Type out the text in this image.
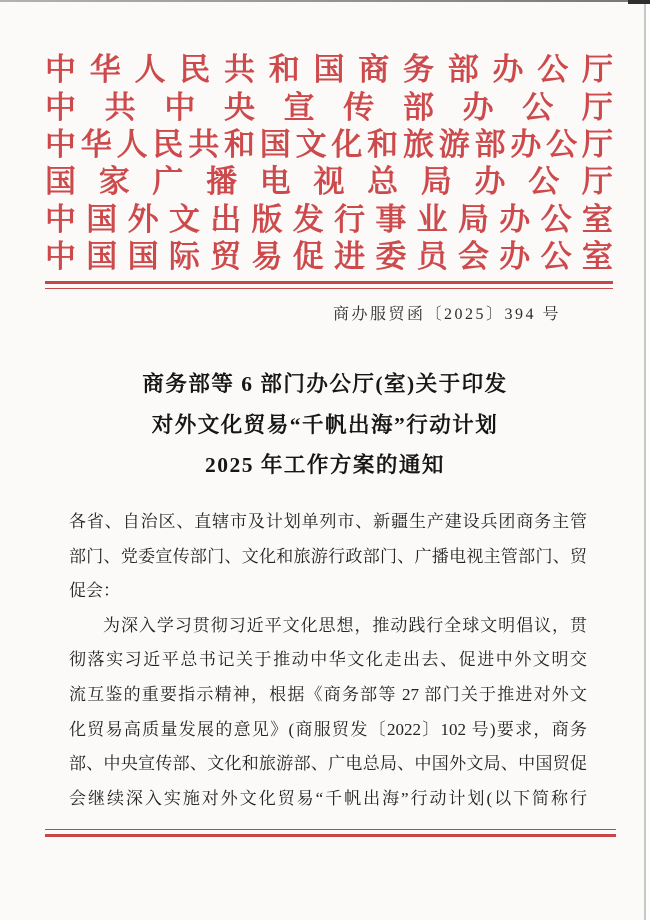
中 华 人 民 共 和 国 商 务 部 办 公 厅
中 共 中 央 宣 传 部 办 公 厅
中 华 人 民 共 和 国 文 化 和 旅 游 部 办 公 厅
国 家 广 播 电 视 总 局 办 公 厅
中 国 外 文 出 版 发 行 事 业 局 办 公 室
中 国 国 际 贸 易 促 进 委 员 会 办 公 室
商办服贸函〔2025〕394 号
商务部等 6 部门办公厅(室)关于印发
对外文化贸易“千帆出海”行动计划
2025 年工作方案的通知
各省、自治区、直辖市及计划单列市、新疆生产建设兵团商务主管
部门、党委宣传部门、文化和旅游行政部门、广播电视主管部门、贸
促会：
为深入学习贯彻习近平文化思想，推动践行全球文明倡议，贯
彻落实习近平总书记关于推动中华文化走出去、促进中外文明交
流互鉴的重要指示精神，根据《商务部等 27 部门关于推进对外文
化贸易高质量发展的意见》(商服贸发〔2022〕102 号)要求，商务
部、中央宣传部、文化和旅游部、广电总局、中国外文局、中国贸促
会继续深入实施对外文化贸易“千帆出海”行动计划(以下简称行
